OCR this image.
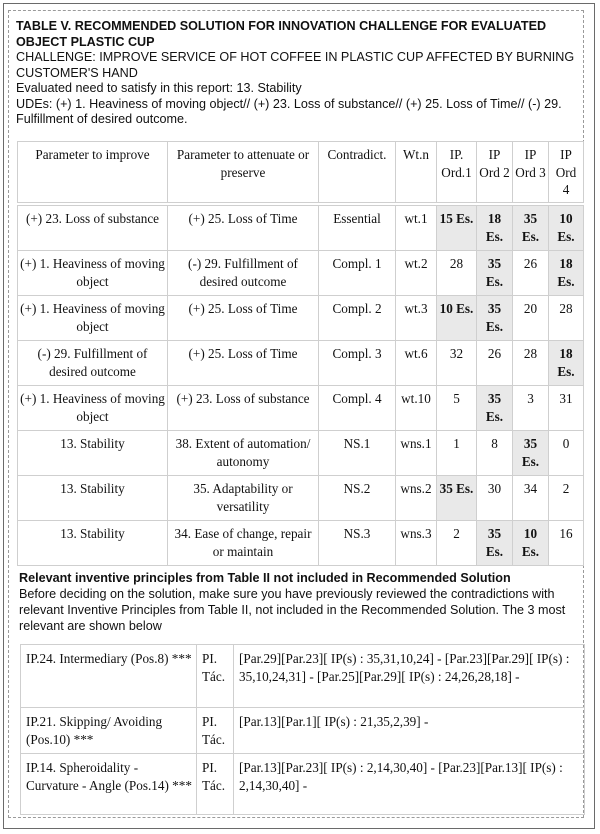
TABLE V. RECOMMENDED SOLUTION FOR INNOVATION CHALLENGE FOR EVALUATED OBJECT PLASTIC CUP
CHALLENGE: IMPROVE SERVICE OF HOT COFFEE IN PLASTIC CUP AFFECTED BY BURNING CUSTOMER'S HAND
Evaluated need to satisfy in this report: 13. Stability
UDEs: (+) 1. Heaviness of moving object// (+) 23. Loss of substance// (+) 25. Loss of Time// (-) 29. Fulfillment of desired outcome.
Parameter to improve	Parameter to attenuate or preserve	Contradict.	Wt.n	IP. Ord.1	IP Ord 2	IP Ord 3	IP Ord 4

(+) 23. Loss of substance	(+) 25. Loss of Time	Essential	wt.1	15 Es.	18 Es.	35 Es.	10 Es.
(+) 1. Heaviness of moving object	(-) 29. Fulfillment of desired outcome	Compl. 1	wt.2	28	35 Es.	26	18 Es.
(+) 1. Heaviness of moving object	(+) 25. Loss of Time	Compl. 2	wt.3	10 Es.	35 Es.	20	28
(-) 29. Fulfillment of desired outcome	(+) 25. Loss of Time	Compl. 3	wt.6	32	26	28	18 Es.
(+) 1. Heaviness of moving object	(+) 23. Loss of substance	Compl. 4	wt.10	5	35 Es.	3	31
13. Stability	38. Extent of automation/ autonomy	NS.1	wns.1	1	8	35 Es.	0
13. Stability	35. Adaptability or versatility	NS.2	wns.2	35 Es.	30	34	2
13. Stability	34. Ease of change, repair or maintain	NS.3	wns.3	2	35 Es.	10 Es.	16
Relevant inventive principles from Table II not included in Recommended Solution
Before deciding on the solution, make sure you have previously reviewed the contradictions with relevant Inventive Principles from Table II, not included in the Recommended Solution. The 3 most relevant are shown below
IP.24. Intermediary (Pos.8) ***	PI. Tác.	[Par.29][Par.23][ IP(s) : 35,31,10,24] - [Par.23][Par.29][ IP(s) : 35,10,24,31] - [Par.25][Par.29][ IP(s) : 24,26,28,18] -
IP.21. Skipping/ Avoiding (Pos.10) ***	PI. Tác.	[Par.13][Par.1][ IP(s) : 21,35,2,39] -
IP.14. Spheroidality - Curvature - Angle (Pos.14) ***	PI. Tác.	[Par.13][Par.23][ IP(s) : 2,14,30,40] - [Par.23][Par.13][ IP(s) : 2,14,30,40] -
